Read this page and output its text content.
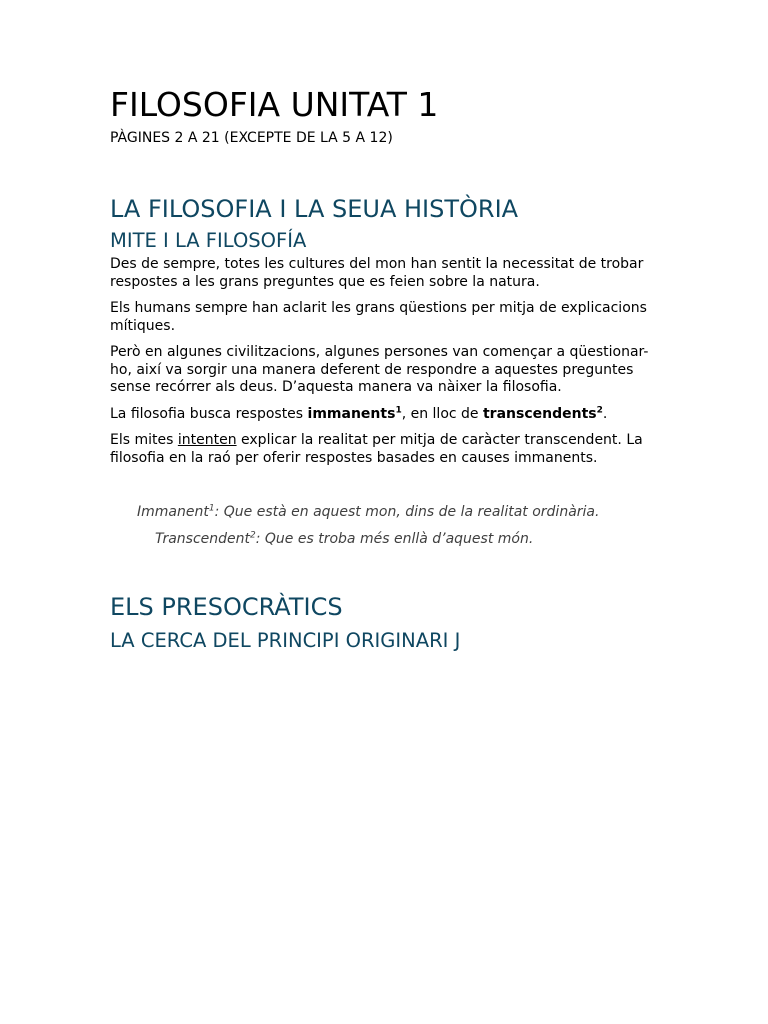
FILOSOFIA UNITAT 1

PÀGINES 2 A 21 (EXCEPTE DE LA 5 A 12)

LA FILOSOFIA I LA SEUA HISTÒRIA
MITE I LA FILOSOFÍA

Des de sempre, totes les cultures del mon han sentit la necessitat de trobar respostes a les grans preguntes que es feien sobre la natura.

Els humans sempre han aclarit les grans qüestions per mitja de explicacions mítiques.

Però en algunes civilitzacions, algunes persones van començar a qüestionar-ho, així va sorgir una manera deferent de respondre a aquestes preguntes sense recórrer als deus. D’aquesta manera va nàixer la filosofia.

La filosofia busca respostes immanents$^1$, en lloc de transcendents$^2$.

Els mites intenten explicar la realitat per mitja de caràcter transcendent. La filosofia en la raó per oferir respostes basades en causes immanents.

Immanent$^1$: Que està en aquest mon, dins de la realitat ordinària.

Transcendent$^2$: Que es troba més enllà d’aquest món.

ELS PRESOCRÀTICS
LA CERCA DEL PRINCIPI ORIGINARI J
